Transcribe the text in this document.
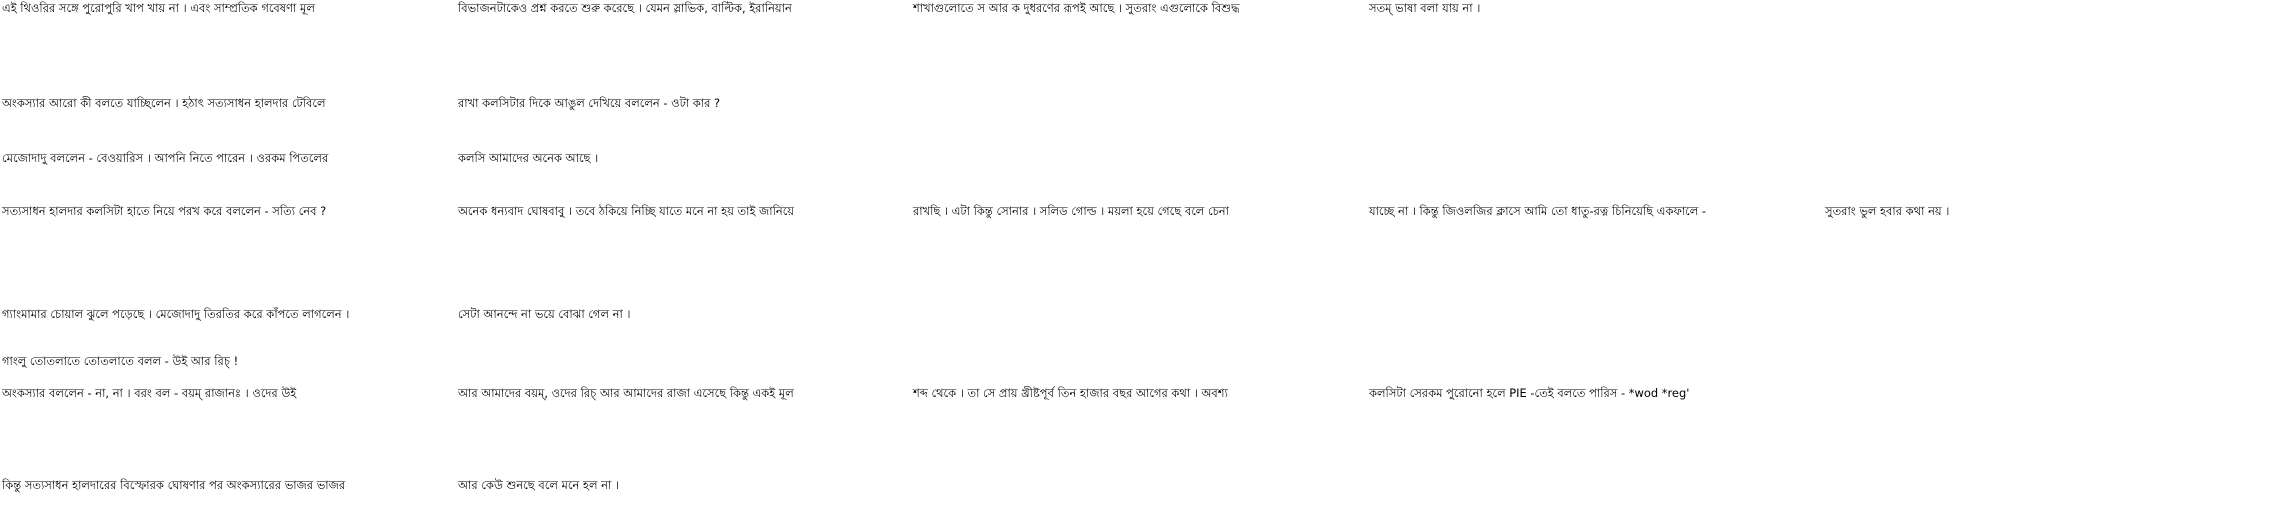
এই থিওরির সঙ্গে পুরোপুরি খাপ খায় না । এবং সাম্প্রতিক গবেষণা মূল	বিভাজনটাকেও প্রশ্ন করতে শুরু করেছে । যেমন স্লাভিক, বাল্টিক, ইরানিয়ান	শাখাগুলোতে স আর ক দুধরণের রূপই আছে । সুতরাং এগুলোকে বিশুদ্ধ	সতম্‌ ভাষা বলা যায় না ।
অংকস্যার আরো কী বলতে যাচ্ছিলেন । হঠাৎ সত্যসাধন হালদার টেবিলে	রাখা কলসিটার দিকে আঙুল দেখিয়ে বললেন - ওটা কার ?
মেজোদাদু বললেন - বেওয়ারিস । আপনি নিতে পারেন । ওরকম পিতলের	কলসি আমাদের অনেক আছে ।
সত্যসাধন হালদার কলসিটা হাতে নিয়ে পরখ করে বললেন - সত্যি নেব ?	অনেক ধন্যবাদ ঘোষবাবু । তবে ঠকিয়ে নিচ্ছি যাতে মনে না হয় তাই জানিয়ে	রাখছি । এটা কিন্তু সোনার । সলিড গোল্ড । ময়লা হয়ে গেছে বলে চেনা	যাচ্ছে না । কিন্তু জিওলজির ক্লাসে আমি তো ধাতু-রত্ন চিনিয়েছি একফালে -	সুতরাং ভুল হবার কথা নয় ।
গ্যাংমামার চোয়াল ঝুলে পড়েছে । মেজোদাদু তিরতির করে কাঁপতে লাগলেন ।	সেটা আনন্দে না ভয়ে বোঝা গেল না ।
গাংলু তোতলাতে তোতলাতে বলল - উই আর রিচ্‌ !
অংকস্যার বললেন - না, না । বরং বল - বয়ম্‌ রাজানঃ । ওদের উই	আর আমাদের বয়ম্‌, ওদের রিচ্‌ আর আমাদের রাজা এসেছে কিন্তু একই মূল	শব্দ থেকে । তা সে প্রায় খ্রীষ্টপূর্ব তিন হাজার বছর আগের কথা । অবশ্য	কলসিটা সেরকম পুরোনো হলে PIE -তেই বলতে পারিস - *wod *reg'
কিন্তু সত্যসাধন হালদারের বিস্ফোরক ঘোষণার পর অংকস্যারের ভাজর ভাজর	আর কেউ শুনছে বলে মনে হল না ।
